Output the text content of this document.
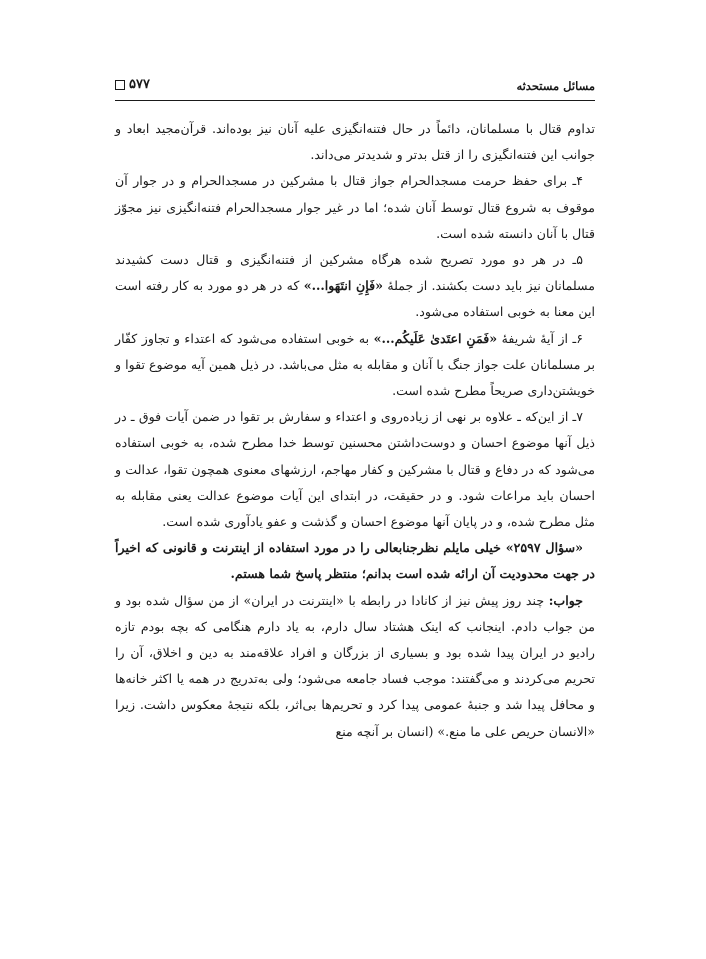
مسائل مستحدثه
۵۷۷

تداوم قتال با مسلمانان، دائماً در حال فتنه‌انگیزی علیه آنان نیز بوده‌اند. قرآن‌مجید ابعاد و جوانب این فتنه‌انگیزی را از قتل بدتر و شدیدتر می‌داند.

۴ـ برای حفظ حرمت مسجدالحرام جواز قتال با مشرکین در مسجدالحرام و در جوار آن موقوف به شروع قتال توسط آنان شده؛ اما در غیر جوار مسجدالحرام فتنه‌انگیزی نیز مجوّز قتال با آنان دانسته شده است.

۵ـ در هر دو مورد تصریح شده هرگاه مشرکین از فتنه‌انگیزی و قتال دست کشیدند مسلمانان نیز باید دست بکشند. از جملهٔ «فَإِنِ انتَهَوا...» که در هر دو مورد به کار رفته است این معنا به خوبی استفاده می‌شود.

۶ـ از آیهٔ شریفهٔ «فَمَنِ اعتَدىٰ عَلَيكُم...» به خوبی استفاده می‌شود که اعتداء و تجاوز کفّار بر مسلمانان علت جواز جنگ با آنان و مقابله به مثل می‌باشد. در ذیل همین آیه موضوع تقوا و خویشتن‌داری صریحاً مطرح شده است.

۷ـ از این‌که ـ علاوه بر نهی از زیاده‌روی و اعتداء و سفارش بر تقوا در ضمن آیات فوق ـ در ذیل آنها موضوع احسان و دوست‌داشتن محسنین توسط خدا مطرح شده، به خوبی استفاده می‌شود که در دفاع و قتال با مشرکین و کفار مهاجم، ارزشهای معنوی همچون تقوا، عدالت و احسان باید مراعات شود. و در حقیقت، در ابتدای این آیات موضوع عدالت یعنی مقابله به مثل مطرح شده، و در پایان آنها موضوع احسان و گذشت و عفو یادآوری شده است.

«سؤال ۲۵۹۷» خیلی مایلم نظرجنابعالی را در مورد استفاده از اینترنت و قانونی که اخیراً در جهت محدودیت آن ارائه شده است بدانم؛ منتظر پاسخ شما هستم.

جواب: چند روز پیش نیز از کانادا در رابطه با «اینترنت در ایران» از من سؤال شده بود و من جواب دادم. اینجانب که اینک هشتاد سال دارم، به یاد دارم هنگامی که بچه بودم تازه رادیو در ایران پیدا شده بود و بسیاری از بزرگان و افراد علاقه‌مند به دین و اخلاق، آن را تحریم می‌کردند و می‌گفتند: موجب فساد جامعه می‌شود؛ ولی به‌تدریج در همه یا اکثر خانه‌ها و محافل پیدا شد و جنبهٔ عمومی پیدا کرد و تحریم‌ها بی‌اثر، بلکه نتیجهٔ معکوس داشت. زیرا «الانسان حریص علی ما منع.» (انسان بر آنچه منع
